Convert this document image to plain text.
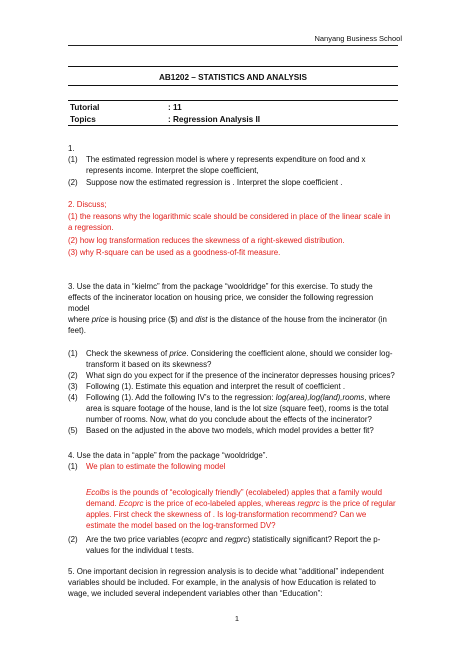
Nanyang Business School
AB1202 – STATISTICS AND ANALYSIS
Tutorial	: 11
Topics	: Regression Analysis II
1.
(1) The estimated regression model is where y represents expenditure on food and x
represents income. Interpret the slope coefficient,
(2) Suppose now the estimated regression is . Interpret the slope coefficient .
2. Discuss;
(1) the reasons why the logarithmic scale should be considered in place of the linear scale in
a regression.
(2) how log transformation reduces the skewness of a right-skewed distribution.
(3) why R-square can be used as a goodness-of-fit measure.
3. Use the data in “kielmc” from the package “wooldridge” for this exercise. To study the
effects of the incinerator location on housing price, we consider the following regression
model
where price is housing price ($) and dist is the distance of the house from the incinerator (in
feet).
(1) Check the skewness of price. Considering the coefficient alone, should we consider log-
transform it based on its skewness?
(2) What sign do you expect for if the presence of the incinerator depresses housing prices?
(3) Following (1). Estimate this equation and interpret the result of coefficient .
(4) Following (1). Add the following IV’s to the regression: log(area),log(land),rooms, where
area is square footage of the house, land is the lot size (square feet), rooms is the total
number of rooms. Now, what do you conclude about the effects of the incinerator?
(5) Based on the adjusted in the above two models, which model provides a better fit?
4. Use the data in “apple” from the package “wooldridge”.
(1) We plan to estimate the following model
Ecolbs is the pounds of “ecologically friendly” (ecolabeled) apples that a family would
demand. Ecoprc is the price of eco-labeled apples, whereas regprc is the price of regular
apples. First check the skewness of . Is log-transformation recommend? Can we
estimate the model based on the log-transformed DV?
(2) Are the two price variables (ecoprc and regprc) statistically significant? Report the p-
values for the individual t tests.
5. One important decision in regression analysis is to decide what “additional” independent
variables should be included. For example, in the analysis of how Education is related to
wage, we included several independent variables other than “Education”:
1
